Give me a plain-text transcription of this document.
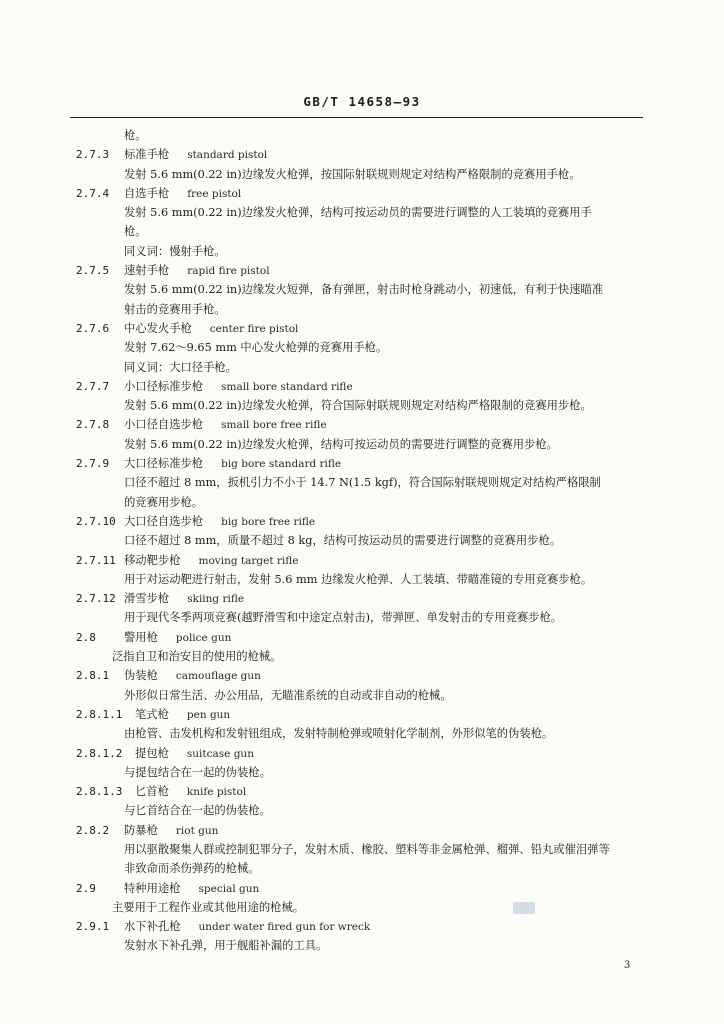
GB/T 14658—93
枪。
2.7.3 标准手枪 standard pistol
发射 5.6 mm(0.22 in)边缘发火枪弹，按国际射联规则规定对结构严格限制的竞赛用手枪。
2.7.4 自选手枪 free pistol
发射 5.6 mm(0.22 in)边缘发火枪弹，结构可按运动员的需要进行调整的人工装填的竞赛用手
枪。
同义词：慢射手枪。
2.7.5 速射手枪 rapid fire pistol
发射 5.6 mm(0.22 in)边缘发火短弹，备有弹匣，射击时枪身跳动小，初速低，有利于快速瞄准
射击的竞赛用手枪。
2.7.6 中心发火手枪 center fire pistol
发射 7.62～9.65 mm 中心发火枪弹的竞赛用手枪。
同义词：大口径手枪。
2.7.7 小口径标准步枪 small bore standard rifle
发射 5.6 mm(0.22 in)边缘发火枪弹，符合国际射联规则规定对结构严格限制的竞赛用步枪。
2.7.8 小口径自选步枪 small bore free rifle
发射 5.6 mm(0.22 in)边缘发火枪弹，结构可按运动员的需要进行调整的竞赛用步枪。
2.7.9 大口径标准步枪 big bore standard rifle
口径不超过 8 mm，扳机引力不小于 14.7 N(1.5 kgf)，符合国际射联规则规定对结构严格限制
的竞赛用步枪。
2.7.10 大口径自选步枪 big bore free rifle
口径不超过 8 mm，质量不超过 8 kg，结构可按运动员的需要进行调整的竞赛用步枪。
2.7.11 移动靶步枪 moving target rifle
用于对运动靶进行射击，发射 5.6 mm 边缘发火枪弹、人工装填、带瞄准镜的专用竞赛步枪。
2.7.12 滑雪步枪 skiing rifle
用于现代冬季两项竞赛(越野滑雪和中途定点射击)，带弹匣、单发射击的专用竞赛步枪。
2.8 警用枪 police gun
泛指自卫和治安目的使用的枪械。
2.8.1 伪装枪 camouflage gun
外形似日常生活、办公用品，无瞄准系统的自动或非自动的枪械。
2.8.1.1 笔式枪 pen gun
由枪管、击发机构和发射钮组成，发射特制枪弹或喷射化学制剂，外形似笔的伪装枪。
2.8.1.2 提包枪 suitcase gun
与提包结合在一起的伪装枪。
2.8.1.3 匕首枪 knife pistol
与匕首结合在一起的伪装枪。
2.8.2 防暴枪 riot gun
用以驱散聚集人群或控制犯罪分子，发射木质、橡胶、塑料等非金属枪弹、榴弹、铅丸或催泪弹等
非致命而杀伤弹药的枪械。
2.9 特种用途枪 special gun
主要用于工程作业或其他用途的枪械。
2.9.1 水下补孔枪 under water fired gun for wreck
发射水下补孔弹，用于舰船补漏的工具。
3
